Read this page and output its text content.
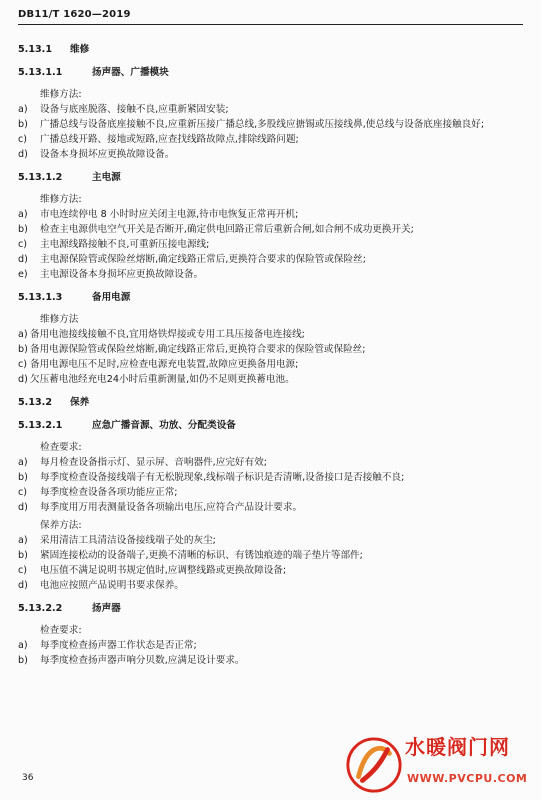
DB11/T 1620—2019
5.13.1 维修
5.13.1.1	扬声器、广播模块
维修方法:
a)	设备与底座脱落、接触不良,应重新紧固安装;
b)	广播总线与设备底座接触不良,应重新压接广播总线,多股线应搪锡或压接线鼻,使总线与设备底座接触良好;
c)	广播总线开路、接地或短路,应查找线路故障点,排除线路问题;
d)	设备本身损坏应更换故障设备。
5.13.1.2	主电源
维修方法:
a)	市电连续停电 8 小时时应关闭主电源,待市电恢复正常再开机;
b)	检查主电源供电空气开关是否断开,确定供电回路正常后重新合闸,如合闸不成功更换开关;
c)	主电源线路接触不良,可重新压接电源线;
d)	主电源保险管或保险丝熔断,确定线路正常后,更换符合要求的保险管或保险丝;
e)	主电源设备本身损坏应更换故障设备。
5.13.1.3	备用电源
维修方法
a) 备用电池接线接触不良,宜用烙铁焊接或专用工具压接备电连接线;
b) 备用电源保险管或保险丝熔断,确定线路正常后,更换符合要求的保险管或保险丝;
c) 备用电源电压不足时,应检查电源充电装置,故障应更换备用电源;
d) 欠压蓄电池经充电24小时后重新测量,如仍不足则更换蓄电池。
5.13.2 保养
5.13.2.1	应急广播音源、功放、分配类设备
检查要求:
a)	每月检查设备指示灯、显示屏、音响器件,应完好有效;
b)	每季度检查设备接线端子有无松脱现象,线标端子标识是否清晰,设备接口是否接触不良;
c)	每季度检查设备各项功能应正常;
d)	每季度用万用表测量设备各项输出电压,应符合产品设计要求。
保养方法:
a)	采用清洁工具清洁设备接线端子处的灰尘;
b)	紧固连接松动的设备端子,更换不清晰的标识、有锈蚀痕迹的端子垫片等部件;
c)	电压值不满足说明书规定值时,应调整线路或更换故障设备;
d)	电池应按照产品说明书要求保养。
5.13.2.2	扬声器
检查要求:
a)	每季度检查扬声器工作状态是否正常;
b)	每季度检查扬声器声响分贝数,应满足设计要求。
36
水暖阀门网
WWW.PVCPU.COM
